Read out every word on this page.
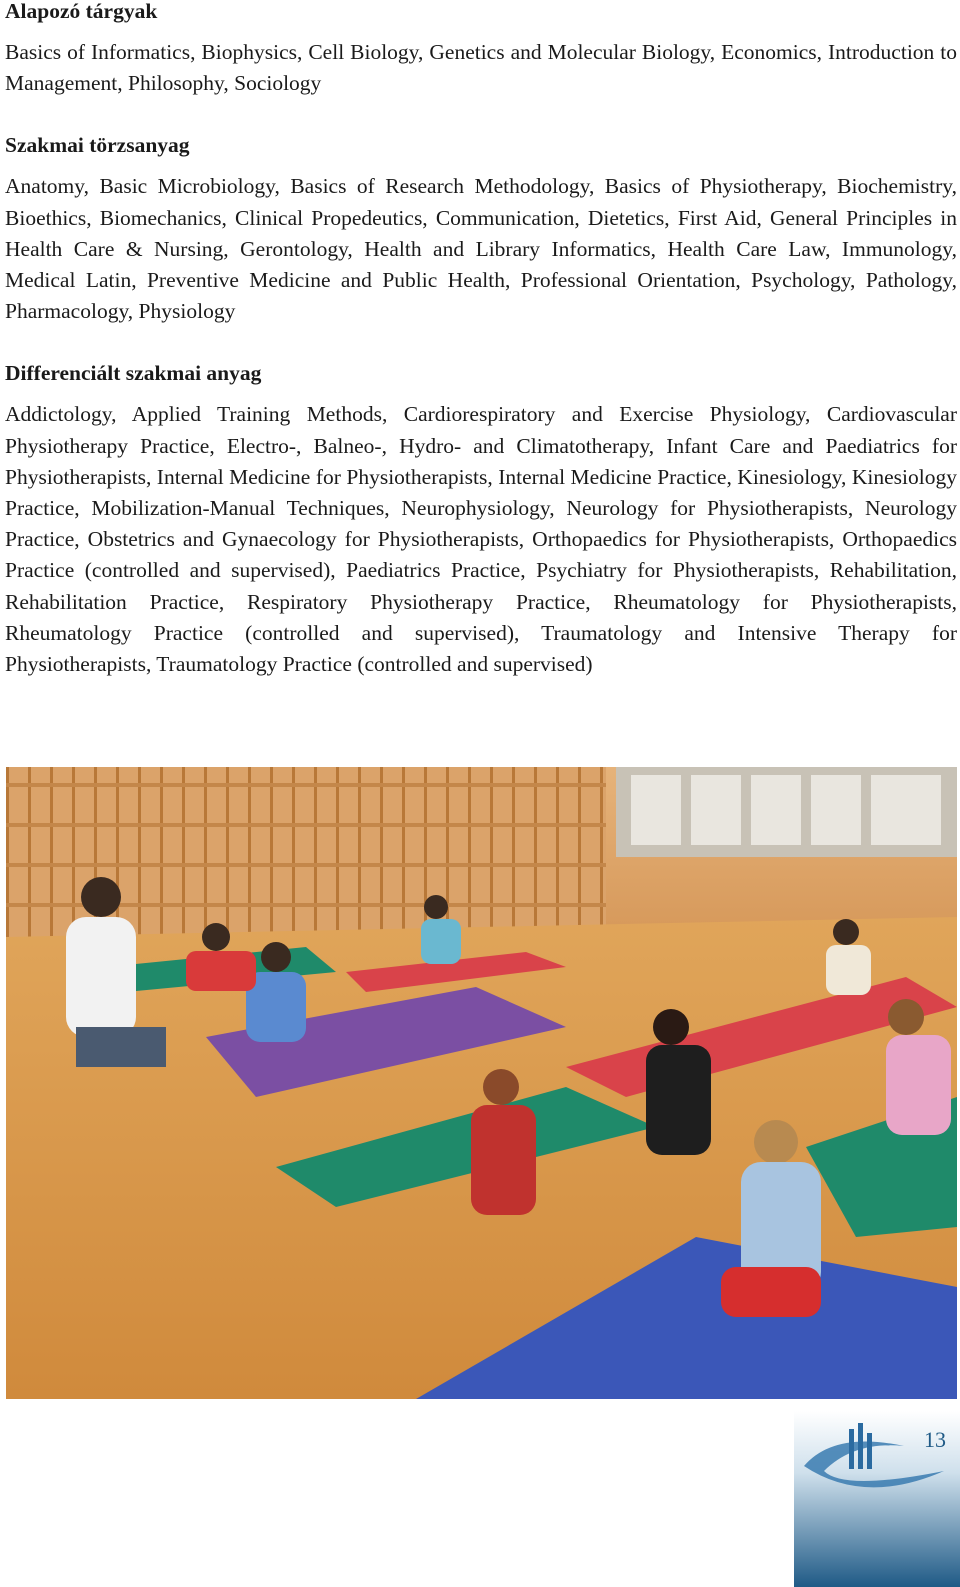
Alapozó tárgyak

Basics of Informatics, Biophysics, Cell Biology, Genetics and Molecular Biology, Economics, Introduction to Management, Philosophy, Sociology

Szakmai törzsanyag

Anatomy, Basic Microbiology, Basics of Research Methodology, Basics of Physiotherapy, Biochemistry, Bioethics, Biomechanics, Clinical Propedeutics, Communication, Dietetics, First Aid, General Principles in Health Care & Nursing, Gerontology, Health and Library Informatics, Health Care Law, Immunology, Medical Latin, Preventive Medicine and Public Health, Professional Orientation, Psychology, Pathology, Pharmacology, Physiology

Differenciált szakmai anyag

Addictology, Applied Training Methods, Cardiorespiratory and Exercise Physiology, Cardiovascular Physiotherapy Practice, Electro-, Balneo-, Hydro- and Climatotherapy, Infant Care and Paediatrics for Physiotherapists, Internal Medicine for Physiotherapists, Internal Medicine Practice, Kinesiology, Kinesiology Practice, Mobilization-Manual Techniques, Neurophysiology, Neurology for Physiotherapists, Neurology Practice, Obstetrics and Gynaecology for Physiotherapists, Orthopaedics for Physiotherapists, Orthopaedics Practice (controlled and supervised), Paediatrics Practice, Psychiatry for Physiotherapists, Rehabilitation, Rehabilitation Practice, Respiratory Physiotherapy Practice, Rheumatology for Physiotherapists, Rheumatology Practice (controlled and supervised), Traumatology and Intensive Therapy for Physiotherapists, Traumatology Practice (controlled and supervised)

13
